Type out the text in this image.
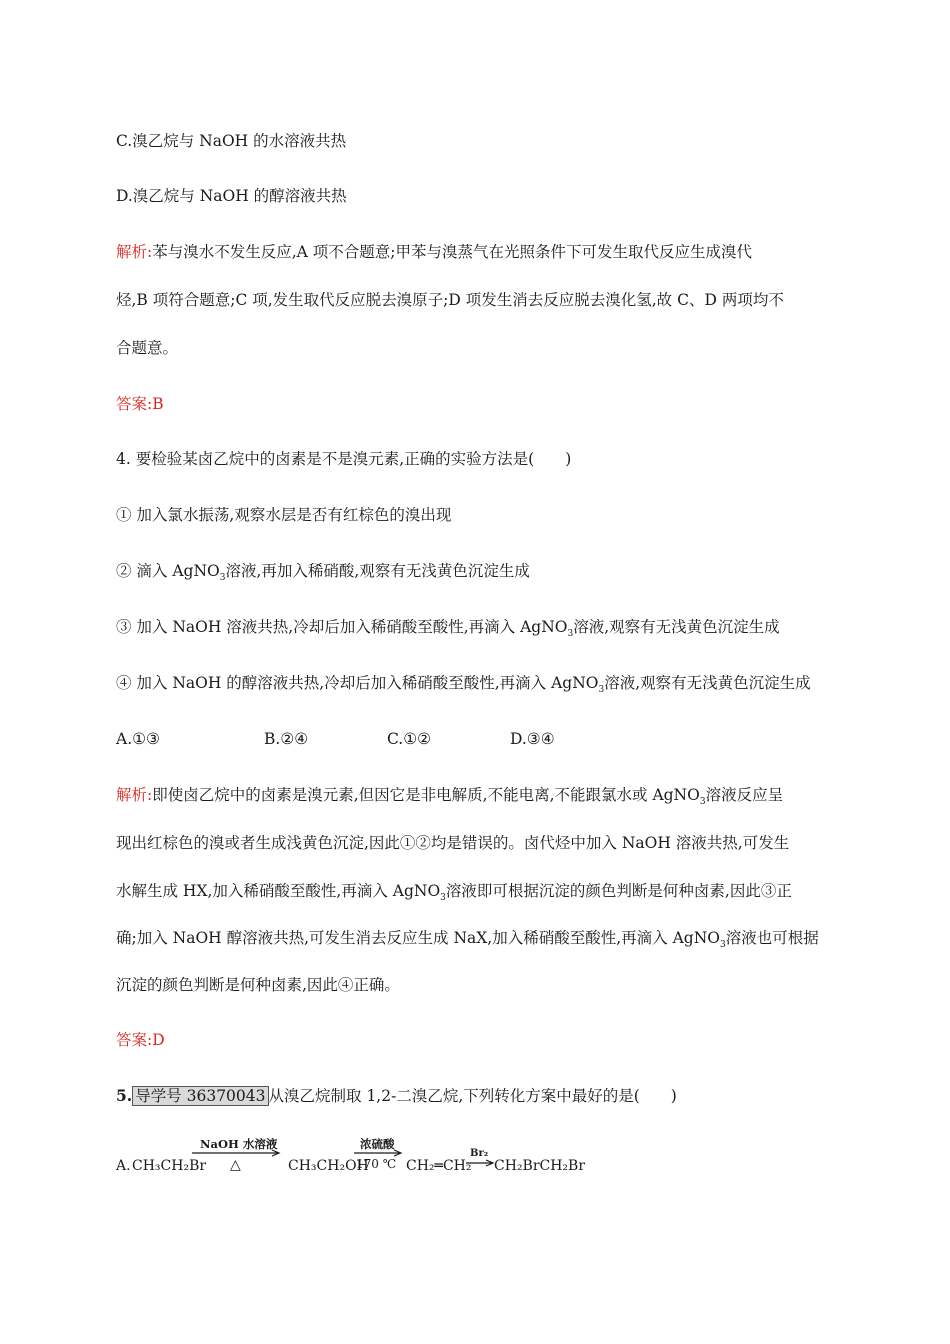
C.溴乙烷与 NaOH 的水溶液共热
D.溴乙烷与 NaOH 的醇溶液共热
解析:苯与溴水不发生反应,A 项不合题意;甲苯与溴蒸气在光照条件下可发生取代反应生成溴代
烃,B 项符合题意;C 项,发生取代反应脱去溴原子;D 项发生消去反应脱去溴化氢,故 C、D 两项均不
合题意。
答案:B
4. 要检验某卤乙烷中的卤素是不是溴元素,正确的实验方法是(　　)
① 加入氯水振荡,观察水层是否有红棕色的溴出现
② 滴入 AgNO$_3$溶液,再加入稀硝酸,观察有无浅黄色沉淀生成
③ 加入 NaOH 溶液共热,冷却后加入稀硝酸至酸性,再滴入 AgNO$_3$溶液,观察有无浅黄色沉淀生成
④ 加入 NaOH 的醇溶液共热,冷却后加入稀硝酸至酸性,再滴入 AgNO$_3$溶液,观察有无浅黄色沉淀生成
A.①③	B.②④	C.①②	D.③④
解析:即使卤乙烷中的卤素是溴元素,但因它是非电解质,不能电离,不能跟氯水或 AgNO$_3$溶液反应呈
现出红棕色的溴或者生成浅黄色沉淀,因此①②均是错误的。卤代烃中加入 NaOH 溶液共热,可发生
水解生成 HX,加入稀硝酸至酸性,再滴入 AgNO$_3$溶液即可根据沉淀的颜色判断是何种卤素,因此③正
确;加入 NaOH 醇溶液共热,可发生消去反应生成 NaX,加入稀硝酸至酸性,再滴入 AgNO$_3$溶液也可根据
沉淀的颜色判断是何种卤素,因此④正确。
答案:D
5. 导学号 36370043 从溴乙烷制取 1,2-二溴乙烷,下列转化方案中最好的是(　　)
A. CH₃CH₂Br
NaOH 水溶液
△	CH₃CH₂OH
浓硫酸
170 ℃ CH₂═CH₂
Br₂
CH₂BrCH₂Br
